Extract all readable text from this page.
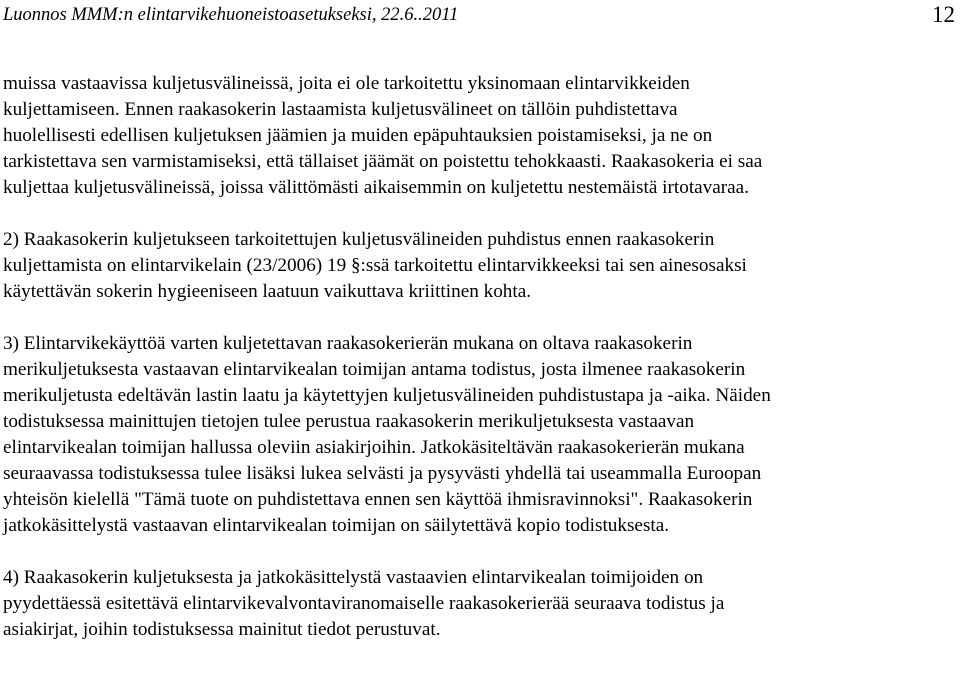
Luonnos MMM:n elintarvikehuoneistoasetukseksi, 22.6..2011	12

muissa vastaavissa kuljetusvälineissä, joita ei ole tarkoitettu yksinomaan elintarvikkeiden
kuljettamiseen. Ennen raakasokerin lastaamista kuljetusvälineet on tällöin puhdistettava
huolellisesti edellisen kuljetuksen jäämien ja muiden epäpuhtauksien poistamiseksi, ja ne on
tarkistettava sen varmistamiseksi, että tällaiset jäämät on poistettu tehokkaasti. Raakasokeria ei saa
kuljettaa kuljetusvälineissä, joissa välittömästi aikaisemmin on kuljetettu nestemäistä irtotavaraa.

2) Raakasokerin kuljetukseen tarkoitettujen kuljetusvälineiden puhdistus ennen raakasokerin
kuljettamista on elintarvikelain (23/2006) 19 §:ssä tarkoitettu elintarvikkeeksi tai sen ainesosaksi
käytettävän sokerin hygieeniseen laatuun vaikuttava kriittinen kohta.

3) Elintarvikekäyttöä varten kuljetettavan raakasokerierän mukana on oltava raakasokerin
merikuljetuksesta vastaavan elintarvikealan toimijan antama todistus, josta ilmenee raakasokerin
merikuljetusta edeltävän lastin laatu ja käytettyjen kuljetusvälineiden puhdistustapa ja -aika. Näiden
todistuksessa mainittujen tietojen tulee perustua raakasokerin merikuljetuksesta vastaavan
elintarvikealan toimijan hallussa oleviin asiakirjoihin. Jatkokäsiteltävän raakasokerierän mukana
seuraavassa todistuksessa tulee lisäksi lukea selvästi ja pysyvästi yhdellä tai useammalla Euroopan
yhteisön kielellä "Tämä tuote on puhdistettava ennen sen käyttöä ihmisravinnoksi". Raakasokerin
jatkokäsittelystä vastaavan elintarvikealan toimijan on säilytettävä kopio todistuksesta.

4) Raakasokerin kuljetuksesta ja jatkokäsittelystä vastaavien elintarvikealan toimijoiden on
pyydettäessä esitettävä elintarvikevalvontaviranomaiselle raakasokerierää seuraava todistus ja
asiakirjat, joihin todistuksessa mainitut tiedot perustuvat.
